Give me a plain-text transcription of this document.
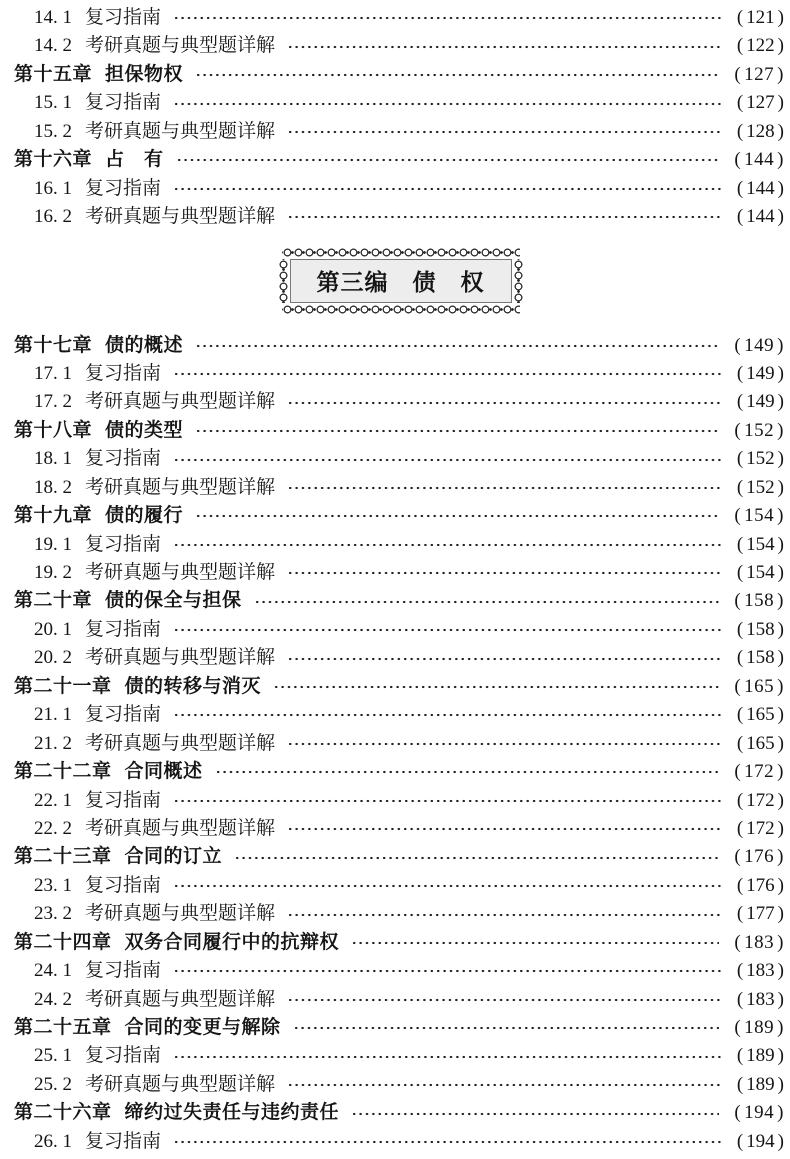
14. 1 复习指南	( 121 )
14. 2 考研真题与典型题详解	( 122 )
第十五章 担保物权	( 127 )
15. 1 复习指南	( 127 )
15. 2 考研真题与典型题详解	( 128 )
第十六章 占　有	( 144 )
16. 1 复习指南	( 144 )
16. 2 考研真题与典型题详解	( 144 )
第三编　债　权
第十七章 债的概述	( 149 )
17. 1 复习指南	( 149 )
17. 2 考研真题与典型题详解	( 149 )
第十八章 债的类型	( 152 )
18. 1 复习指南	( 152 )
18. 2 考研真题与典型题详解	( 152 )
第十九章 债的履行	( 154 )
19. 1 复习指南	( 154 )
19. 2 考研真题与典型题详解	( 154 )
第二十章 债的保全与担保	( 158 )
20. 1 复习指南	( 158 )
20. 2 考研真题与典型题详解	( 158 )
第二十一章 债的转移与消灭	( 165 )
21. 1 复习指南	( 165 )
21. 2 考研真题与典型题详解	( 165 )
第二十二章 合同概述	( 172 )
22. 1 复习指南	( 172 )
22. 2 考研真题与典型题详解	( 172 )
第二十三章 合同的订立	( 176 )
23. 1 复习指南	( 176 )
23. 2 考研真题与典型题详解	( 177 )
第二十四章 双务合同履行中的抗辩权	( 183 )
24. 1 复习指南	( 183 )
24. 2 考研真题与典型题详解	( 183 )
第二十五章 合同的变更与解除	( 189 )
25. 1 复习指南	( 189 )
25. 2 考研真题与典型题详解	( 189 )
第二十六章 缔约过失责任与违约责任	( 194 )
26. 1 复习指南	( 194 )
